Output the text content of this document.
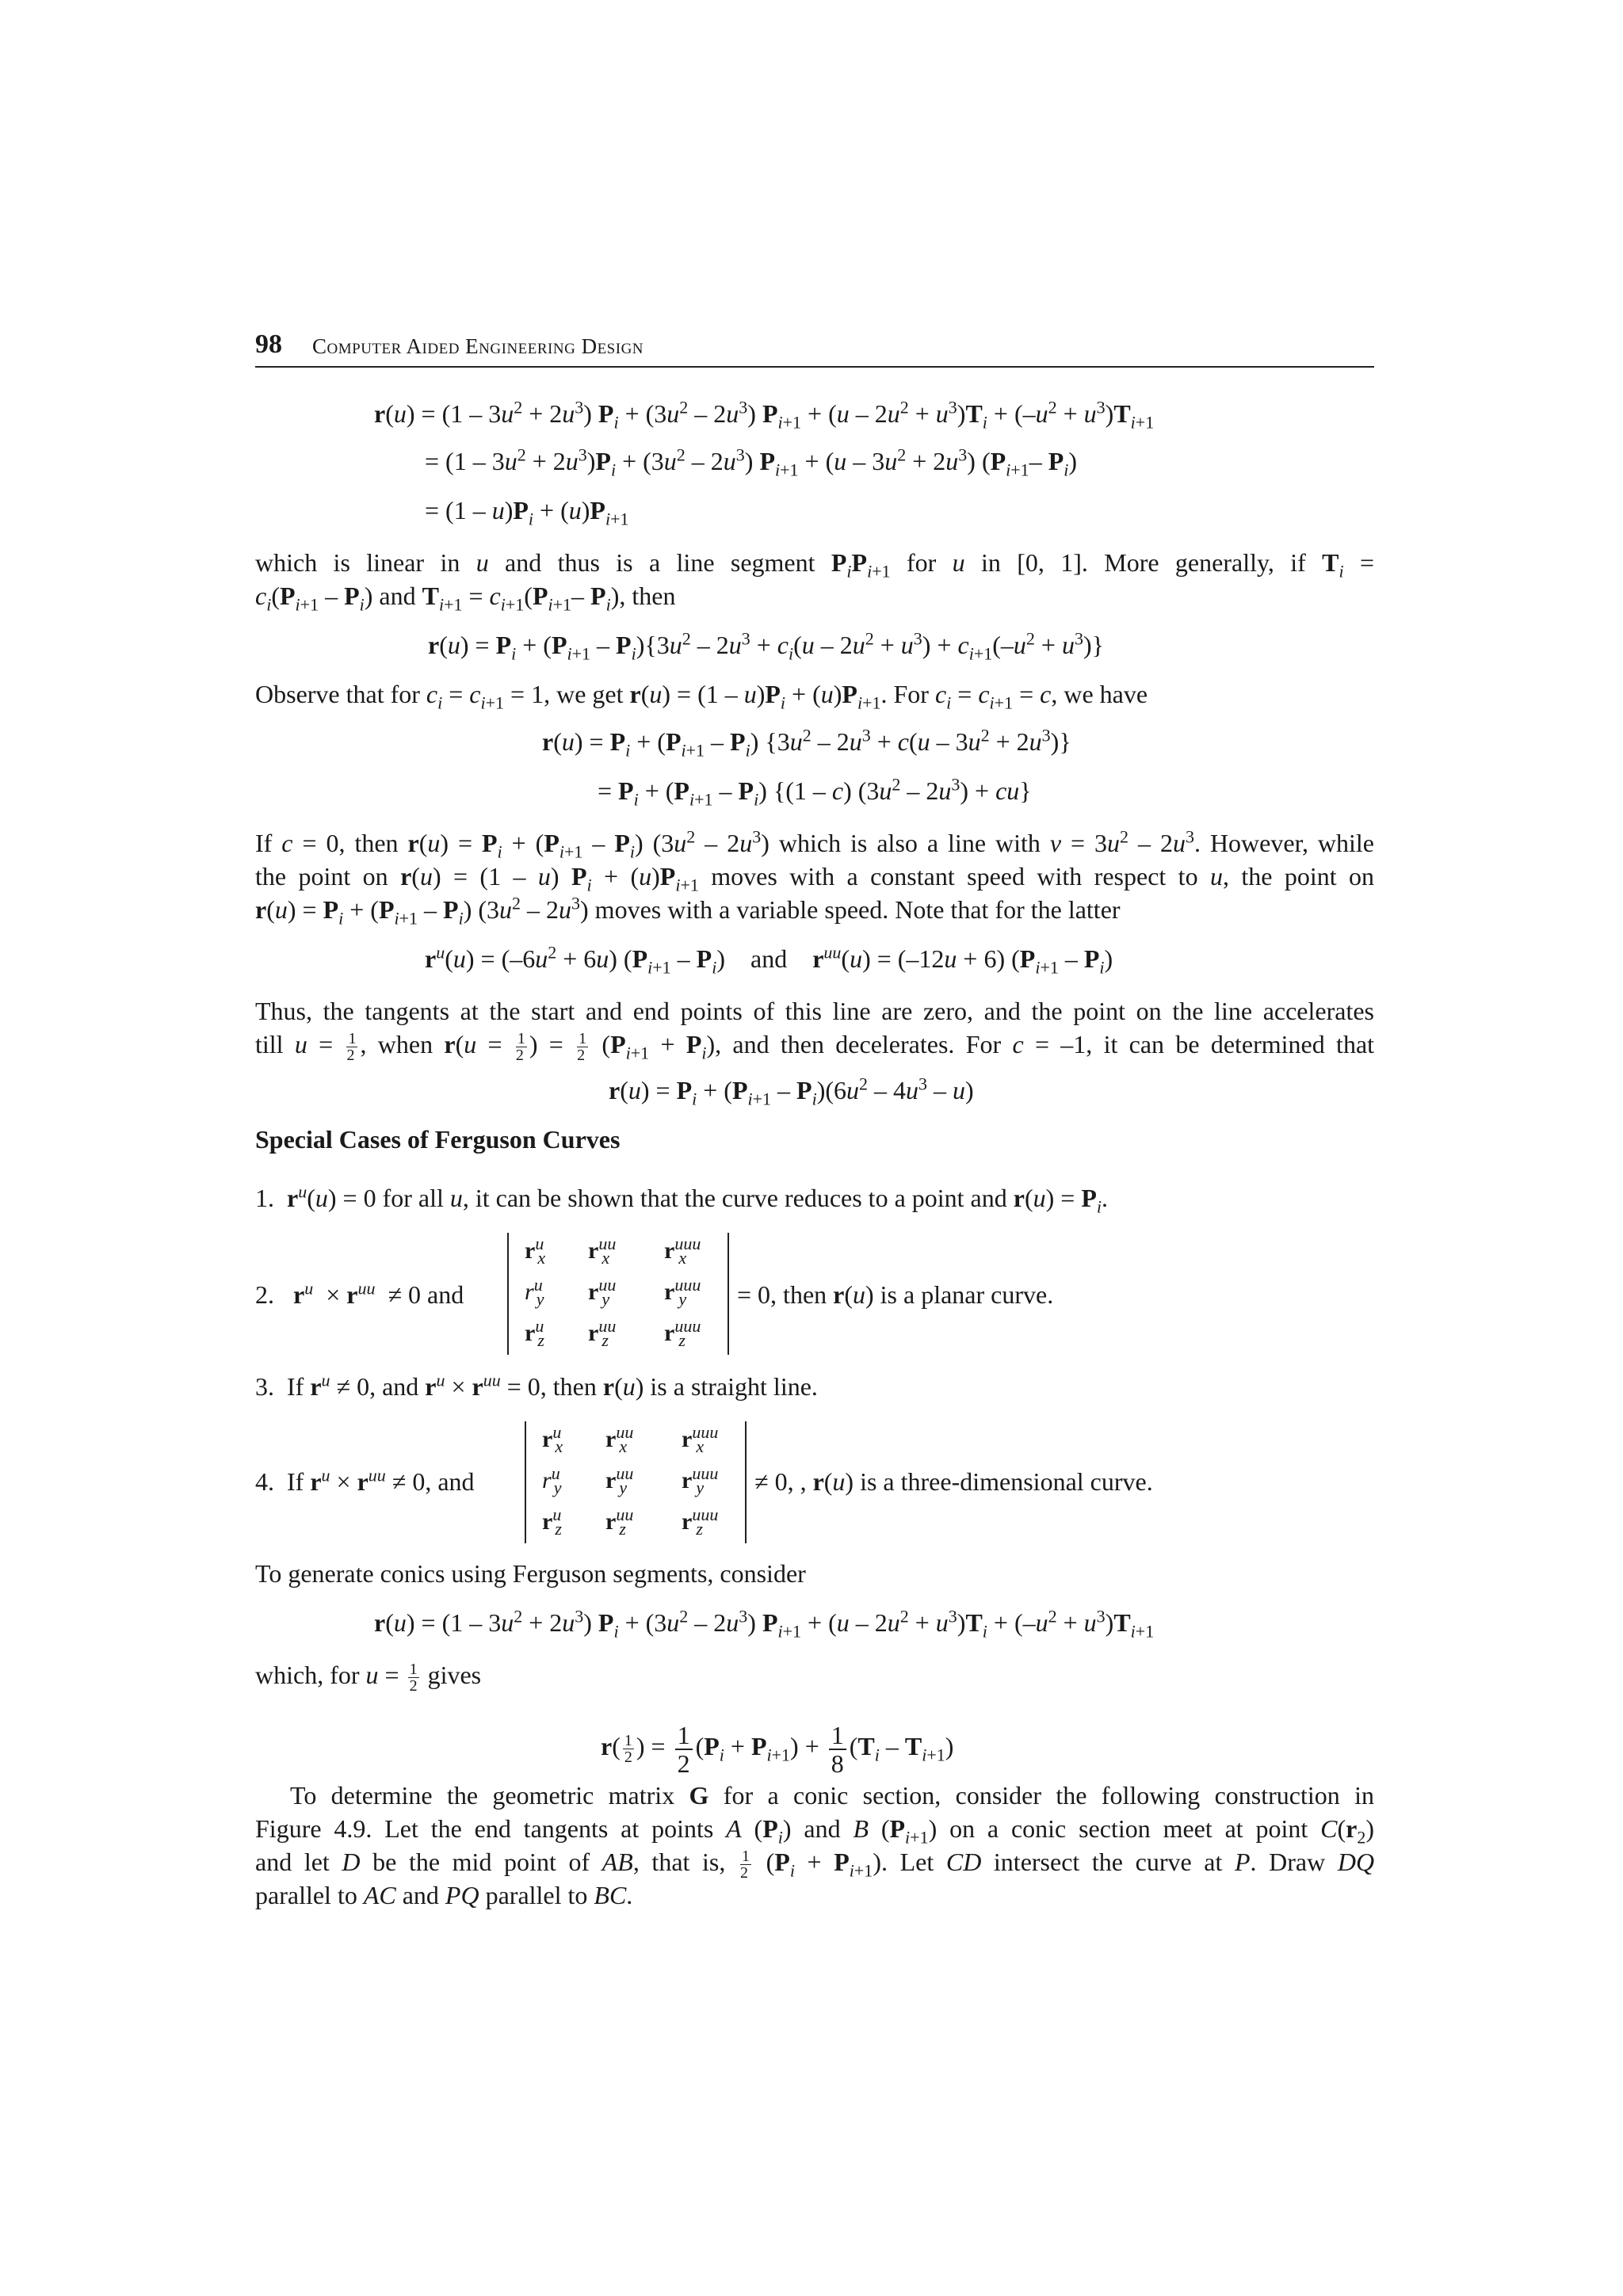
98 Computer Aided Engineering Design
$r(u) = (1 - 3u^2 + 2u^3)$ $P_i + (3u^2 - 2u^3) P_{i+1} + (u - 2u^2 + u^3)T_i + (-u^2 + u^3)T_{i+1}$
= $(1 - 3u^2 + 2u^3)P_i + (3u^2 - 2u^3)$ $P_{i+1} + (u - 3u^2 + 2u^3)$ ($P_{i+1}-$ $P_i$)
= $(1 - u)P_i + (u)P_{i+1}$
which is linear in u and thus is a line segment $P_iP_{i+1}$ for u in [0, 1]. More generally, if $T_i$ =
$c_i(P_{i+1} - P_i)$ and $T_{i+1} = c_{i+1}(P_{i+1}-$ $P_i$), then
$r(u) = P_i + (P_{i+1} - P_i)\{3u^2 - 2u^3 + c_i(u - 2u^2 + u^3) + c_{i+1}(-u^2 + u^3)\}$
Observe that for $c_i = c_{i+1} = 1$, we get $r(u) = (1 - u)P_i + (u)P_{i+1}$. For $c_i = c_{i+1} = c$, we have
$r(u) = P_i + (P_{i+1} - P_i)$ $\{3u^2 - 2u^3 + c(u - 3u^2 + 2u^3)\}$
= $P_i + (P_{i+1} - P_i)$ {(1 – c) $(3u^2 - 2u^3) + cu$}
If c = 0, then $r(u) = P_i + (P_{i+1} - P_i)$ $(3u^2 - 2u^3)$ which is also a line with $v = 3u^2 - 2u^3$. However, while
the point on r(u) = (1 – u) $P_i + (u)P_{i+1}$ moves with a constant speed with respect to u, the point on
$r(u) = P_i + (P_{i+1} - P_i)$ $(3u^2 - 2u^3)$ moves with a variable speed. Note that for the latter
$r^u(u) = (-6u^2 + 6u)$ $(P_{i+1} - P_i)$    and    $r^{uu}(u) = (-12u + 6)$ $(P_{i+1} - P_i)$
Thus, the tangents at the start and end points of this line are zero, and the point on the line accelerates
till $u = \frac{1}{2}$ , when $r(u = \frac{1}{2}$ ) = $\frac{1}{2} (P_{i+1} + P_i)$, and then decelerates. For c = –1, it can be determined that
$r(u) = P_i + (P_{i+1} - P_i)(6u^2 - 4u^3 - u)$
Special Cases of Ferguson Curves
1.  $r^u(u) = 0$ for all u, it can be shown that the curve reduces to a point and $r(u) = P_i$.
2.   $r^u \times r^{uu} \ne 0$ and
$r^u_x$ $r^{uu}_x$ $r^{uuu}_x$
$r^u_y$ $r^{uu}_y$ $r^{uuu}_y$
$r^u_z$ $r^{uu}_z$ $r^{uuu}_z$
= 0, then r(u) is a planar curve.
3.  If $r^u \ne 0$, and $r^u \times r^{uu} = 0$, then r(u) is a straight line.
4.  If $r^u \times r^{uu} \ne 0$, and
$r^u_x$ $r^{uu}_x$ $r^{uuu}_x$
$r^u_y$ $r^{uu}_y$ $r^{uuu}_y$
$r^u_z$ $r^{uu}_z$ $r^{uuu}_z$
≠ 0, , r(u) is a three-dimensional curve.
To generate conics using Ferguson segments, consider
$r(u) = (1 - 3u^2 + 2u^3)$ $P_i + (3u^2 - 2u^3) P_{i+1} + (u - 2u^2 + u^3)T_i + (-u^2 + u^3)T_{i+1}$
which, for $u = \frac{1}{2}$ gives
$r( \frac{1}{2}$ ) = $\frac{1}{2} (P_i + P_{i+1}) + \frac{1}{8} (T_i - T_{i+1})$
To determine the geometric matrix G for a conic section, consider the following construction in
Figure 4.9. Let the end tangents at points A $(P_i)$ and B $(P_{i+1})$ on a conic section meet at point $C(r_2)$
and let D be the mid point of AB, that is, $\frac{1}{2} (P_i + P_{i+1})$. Let CD intersect the curve at P. Draw DQ
parallel to AC and PQ parallel to BC.
